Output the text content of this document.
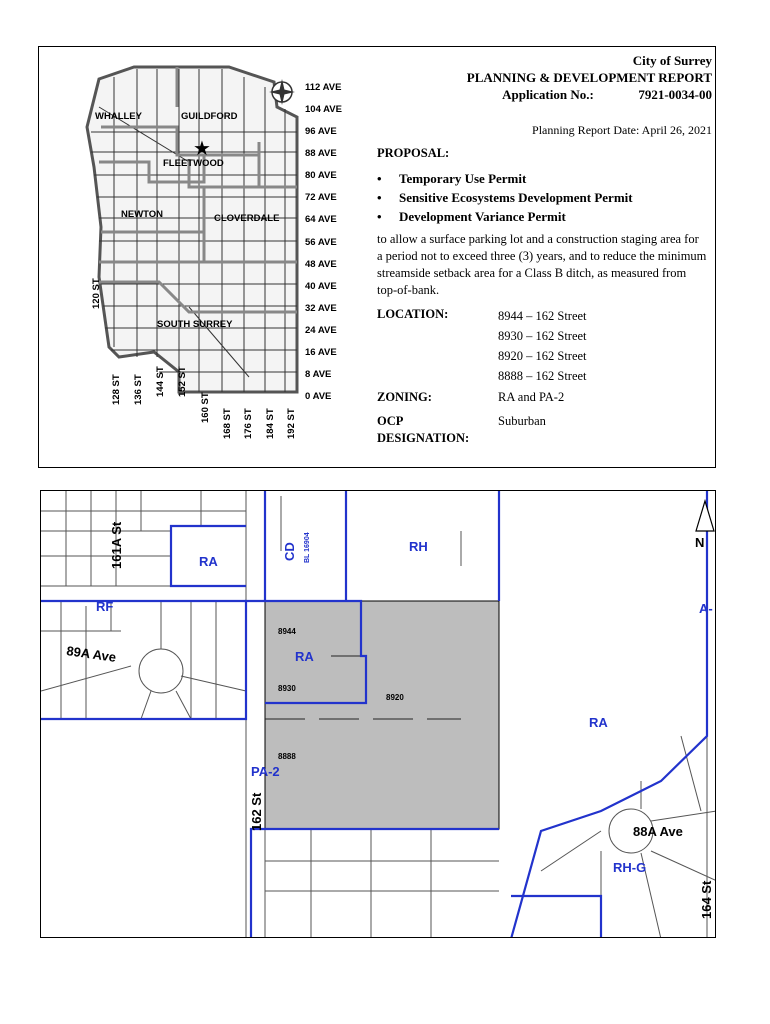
★
WHALLEY	GUILDFORD
FLEETWOOD
NEWTON	CLOVERDALE
SOUTH SURREY
112 AVE
104 AVE
96 AVE
88 AVE
80 AVE
72 AVE
64 AVE
56 AVE
48 AVE
40 AVE
32 AVE
24 AVE
16 AVE
8 AVE
0 AVE
120 ST
128 ST 136 ST 144 ST 152 ST
160 ST
168 ST 176 ST 184 ST 192 ST
City of Surrey
PLANNING & DEVELOPMENT REPORT
Application No.:	7921-0034-00
Planning Report Date: April 26, 2021
PROPOSAL:
• Temporary Use Permit
• Sensitive Ecosystems Development Permit
• Development Variance Permit
to allow a surface parking lot and a construction staging area for a period not to exceed three (3) years, and to reduce the minimum streamside setback area for a Class B ditch, as measured from top-of-bank.
LOCATION:	8944 – 162 Street
8930 – 162 Street
8920 – 162 Street
8888 – 162 Street
ZONING:	RA and PA-2
OCP
DESIGNATION:
Suburban
RA
CD BL 16904	RH
RF
RA
A-
RA
PA-2
RH-G
8944
8930
8920
8888
161A St
89A Ave
162 St
88A Ave
164 St
N
